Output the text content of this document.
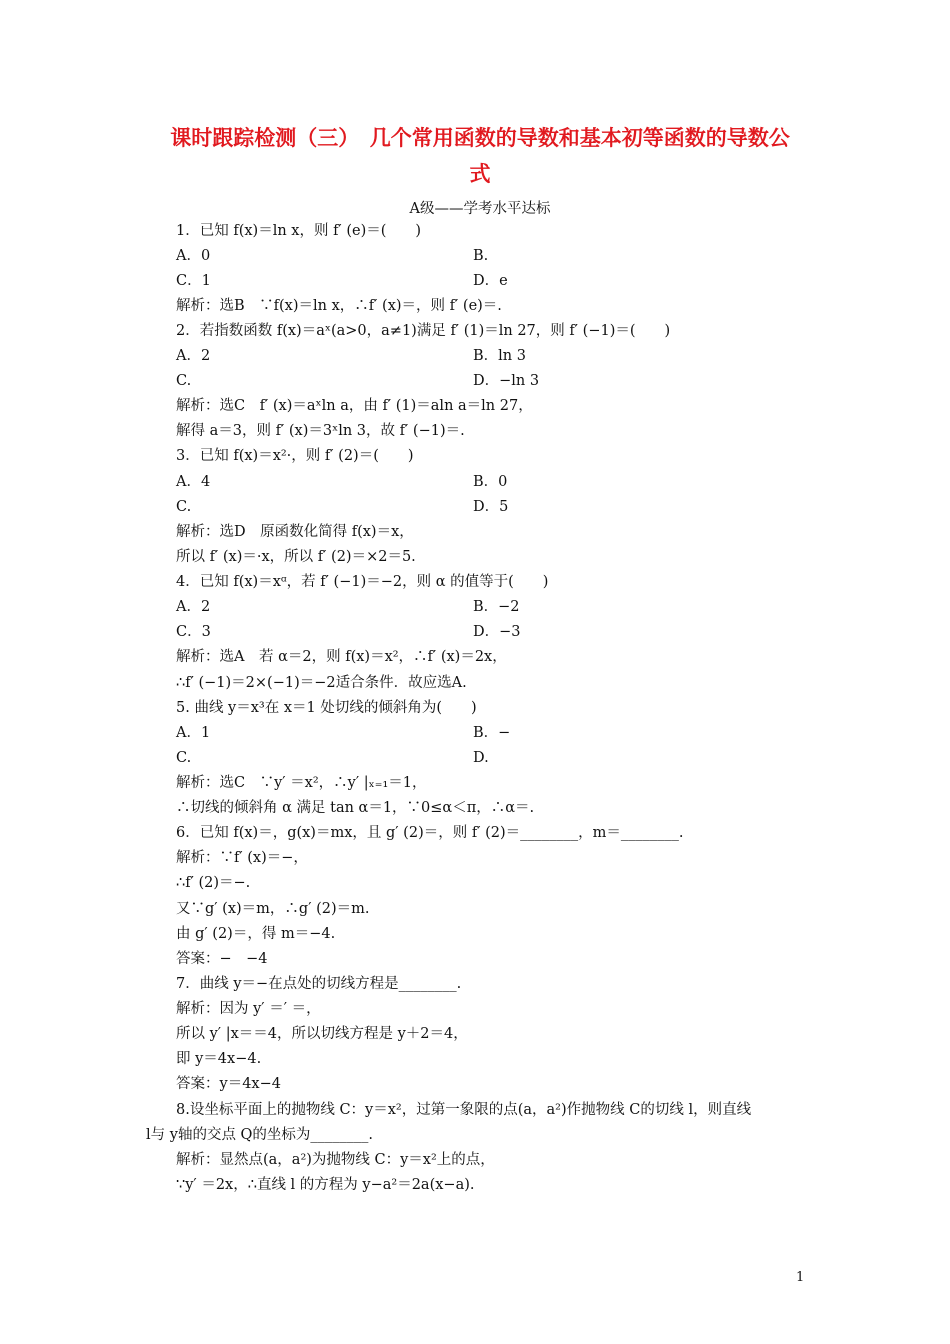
课时跟踪检测（三）　几个常用函数的导数和基本初等函数的导数公
式
A级——学考水平达标
1．已知 f(x)＝ln x，则 f′ (e)＝(　　)
A．0	B.
C．1	D．e
解析：选B　∵f(x)＝ln x，∴f′ (x)＝，则 f′ (e)＝.
2．若指数函数 f(x)＝aˣ(a>0，a≠1)满足 f′ (1)＝ln 27，则 f′ (−1)＝(　　)
A．2	B．ln 3
C.	D．−ln 3
解析：选C　f′ (x)＝aˣln a，由 f′ (1)＝aln a＝ln 27，
解得 a＝3，则 f′ (x)＝3ˣln 3，故 f′ (−1)＝.
3．已知 f(x)＝x²·，则 f′ (2)＝(　　)
A．4	B．0
C.	D．5
解析：选D　原函数化简得 f(x)＝x，
所以 f′ (x)＝·x，所以 f′ (2)＝×2＝5.
4．已知 f(x)＝xᵅ，若 f′ (−1)＝−2，则 α 的值等于(　　)
A．2	B．−2
C．3	D．−3
解析：选A　若 α＝2，则 f(x)＝x²，∴f′ (x)＝2x，
∴f′ (−1)＝2×(−1)＝−2适合条件．故应选A.
5. 曲线 y＝x³在 x＝1 处切线的倾斜角为(　　)
A．1	B．−
C.	D.
解析：选C　∵y′ ＝x²，∴y′ |ₓ₌₁＝1，
∴切线的倾斜角 α 满足 tan α＝1，∵0≤α＜π，∴α＝.
6．已知 f(x)＝，g(x)＝mx，且 g′ (2)＝，则 f′ (2)＝________，m＝________.
解析：∵f′ (x)＝−，
∴f′ (2)＝−.
又∵g′ (x)＝m，∴g′ (2)＝m.
由 g′ (2)＝，得 m＝−4.
答案：−　−4
7．曲线 y＝−在点处的切线方程是________.
解析：因为 y′ ＝′ ＝，
所以 y′ |x＝＝4，所以切线方程是 y＋2＝4，
即 y＝4x−4.
答案：y＝4x−4
8.设坐标平面上的抛物线 C：y＝x²，过第一象限的点(a，a²)作抛物线 C的切线 l，则直线
l与 y轴的交点 Q的坐标为________.
解析：显然点(a，a²)为抛物线 C：y＝x²上的点，
∵y′ ＝2x，∴直线 l 的方程为 y−a²＝2a(x−a).
1
